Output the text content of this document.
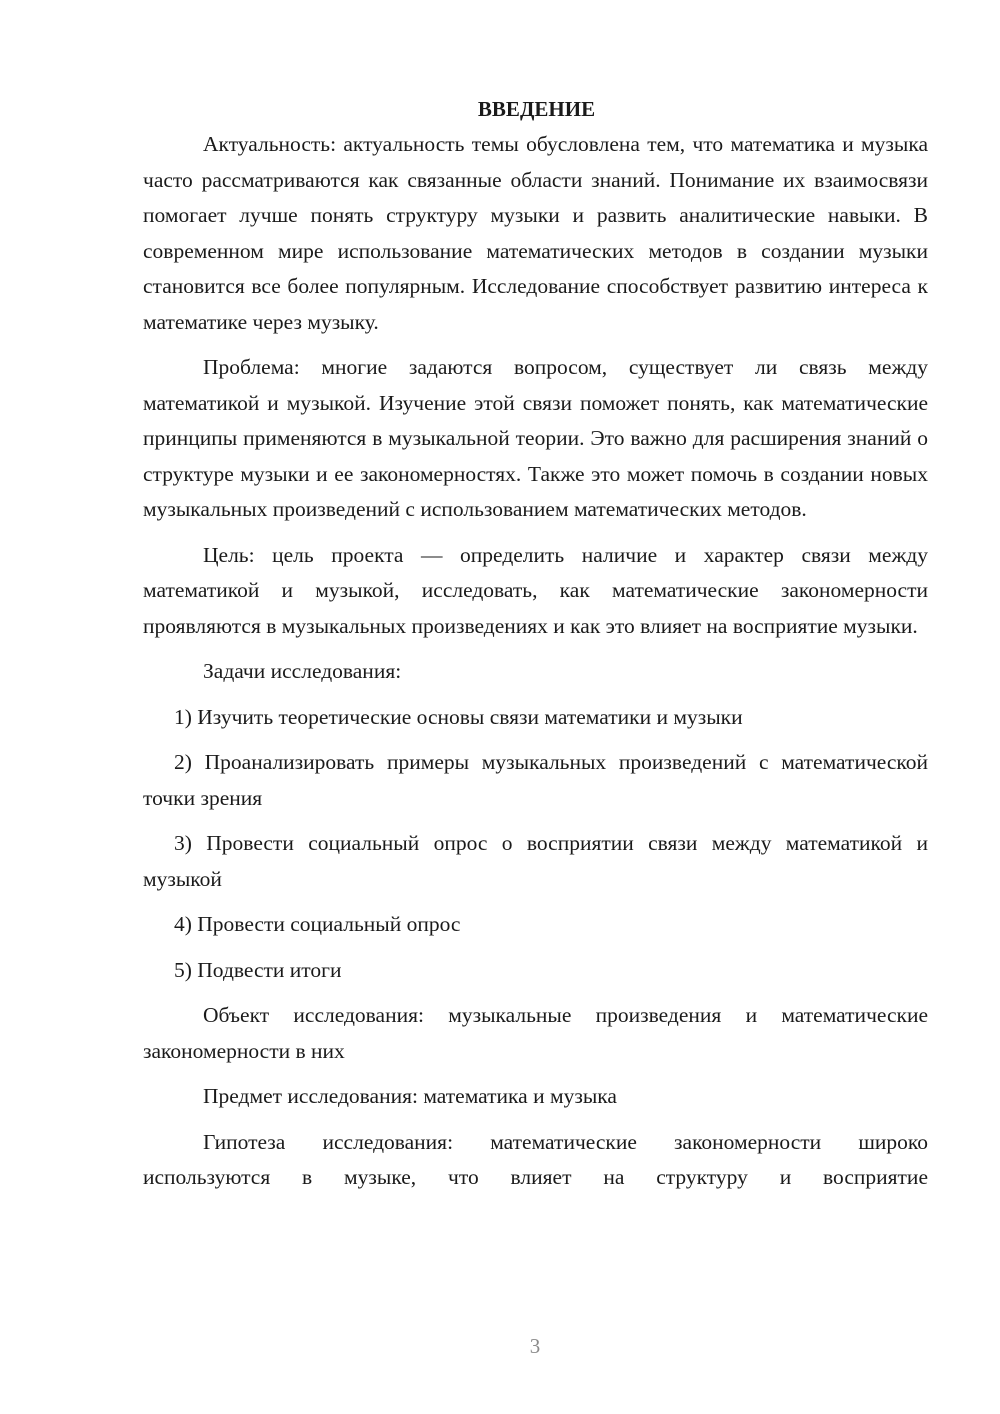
ВВЕДЕНИЕ

Актуальность: актуальность темы обусловлена тем, что математика и музыка часто рассматриваются как связанные области знаний. Понимание их взаимосвязи помогает лучше понять структуру музыки и развить аналитические навыки. В современном мире использование математических методов в создании музыки становится все более популярным. Исследование способствует развитию интереса к математике через музыку.

Проблема: многие задаются вопросом, существует ли связь между математикой и музыкой. Изучение этой связи поможет понять, как математические принципы применяются в музыкальной теории. Это важно для расширения знаний о структуре музыки и ее закономерностях. Также это может помочь в создании новых музыкальных произведений с использованием математических методов.

Цель: цель проекта — определить наличие и характер связи между математикой и музыкой, исследовать, как математические закономерности проявляются в музыкальных произведениях и как это влияет на восприятие музыки.

Задачи исследования:

1) Изучить теоретические основы связи математики и музыки

2) Проанализировать примеры музыкальных произведений с математической точки зрения

3) Провести социальный опрос о восприятии связи между математикой и музыкой

4) Провести социальный опрос

5) Подвести итоги

Объект исследования: музыкальные произведения и математические закономерности в них

Предмет исследования: математика и музыка

Гипотеза исследования: математические закономерности широко используются в музыке, что влияет на структуру и восприятие

3
